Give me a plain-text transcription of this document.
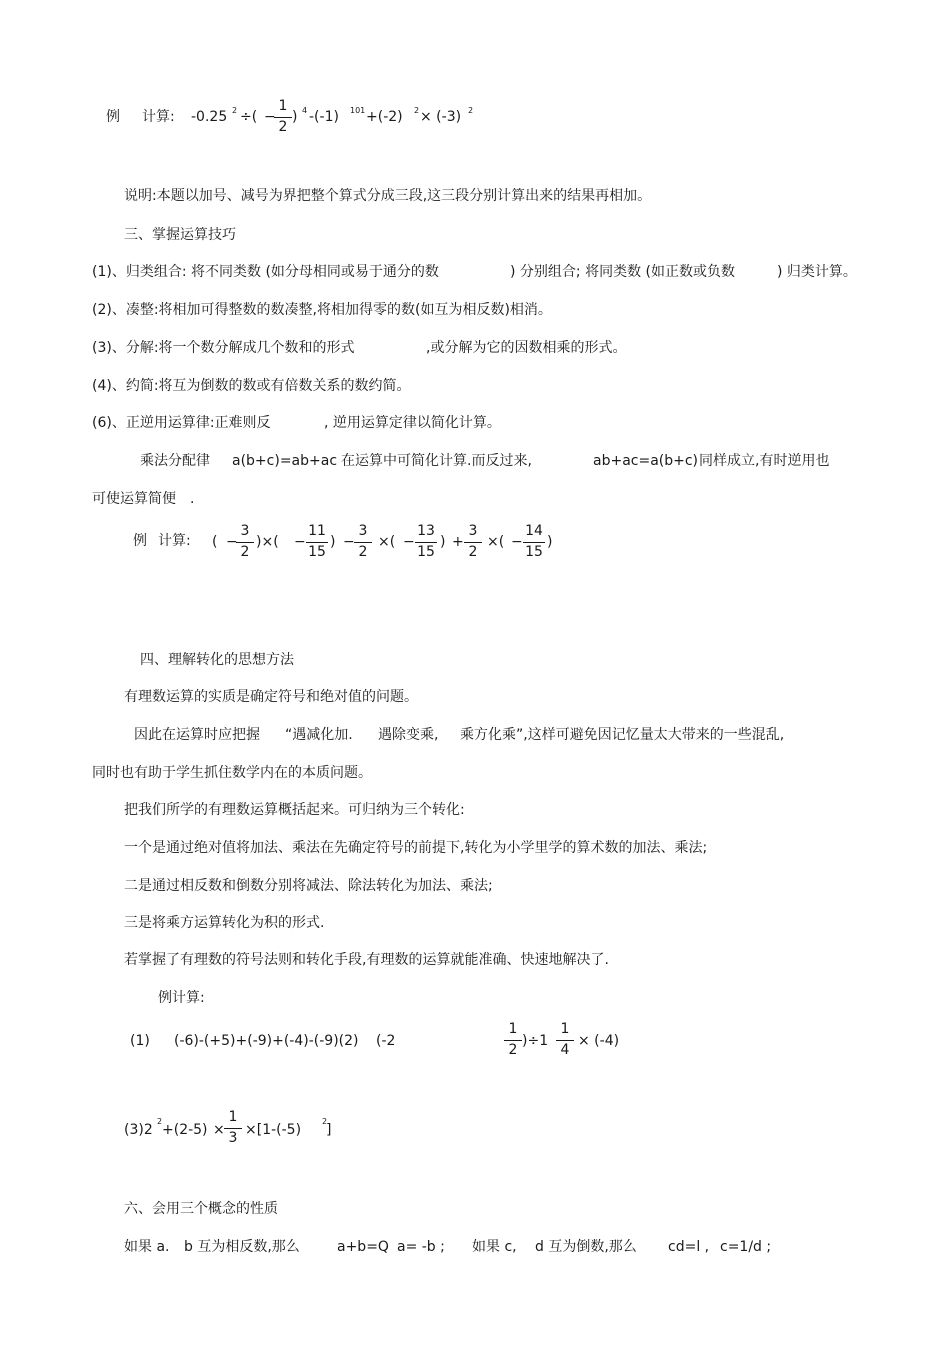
例 计算: -0.25 2 ÷( −
1
2
) 4 -(-1) 101 +(-2) 2 × (-3) 2
说明:本题以加号、减号为界把整个算式分成三段,这三段分别计算出来的结果再相加。
三、掌握运算技巧
(1)、归类组合: 将不同类数 (如分母相同或易于通分的数	) 分别组合; 将同类数 (如正数或负数	) 归类计算。
(2)、凑整:将相加可得整数的数凑整,将相加得零的数(如互为相反数)相消。
(3)、分解:将一个数分解成几个数和的形式	,或分解为它的因数相乘的形式。
(4)、约简:将互为倒数的数或有倍数关系的数约简。
(6)、正逆用运算律:正难则反	, 逆用运算定律以简化计算。
乘法分配律 a(b+c)=ab+ac 在运算中可简化计算.而反过来,	ab+ac=a(b+c) 同样成立,有时逆用也
可使运算简便 .
例 计算: ( −
3
2
)×( −
11
15
) −
3
2
×( −
13
15
) +
3
2
×( −
14
15
)
四、理解转化的思想方法
有理数运算的实质是确定符号和绝对值的问题。
因此在运算时应把握 “遇减化加. 遇除变乘, 乘方化乘”,这样可避免因记忆量太大带来的一些混乱,
同时也有助于学生抓住数学内在的本质问题。
把我们所学的有理数运算概括起来。可归纳为三个转化:
一个是通过绝对值将加法、乘法在先确定符号的前提下,转化为小学里学的算术数的加法、乘法;
二是通过相反数和倒数分别将减法、除法转化为加法、乘法;
三是将乘方运算转化为积的形式.
若掌握了有理数的符号法则和转化手段,有理数的运算就能准确、快速地解决了.
例计算:
(1) (-6)-(+5)+(-9)+(-4)-(-9)(2) (-2
1
2
)÷1
1
4
× (-4)
(3)2
2
+(2-5) ×
1
3 ×[1-(-5)
2
]
六、会用三个概念的性质
如果 a. b 互为相反数,那么	a+b=Q a= -b ; 如果 c, d 互为倒数,那么 cd=l , c=1/d ;
